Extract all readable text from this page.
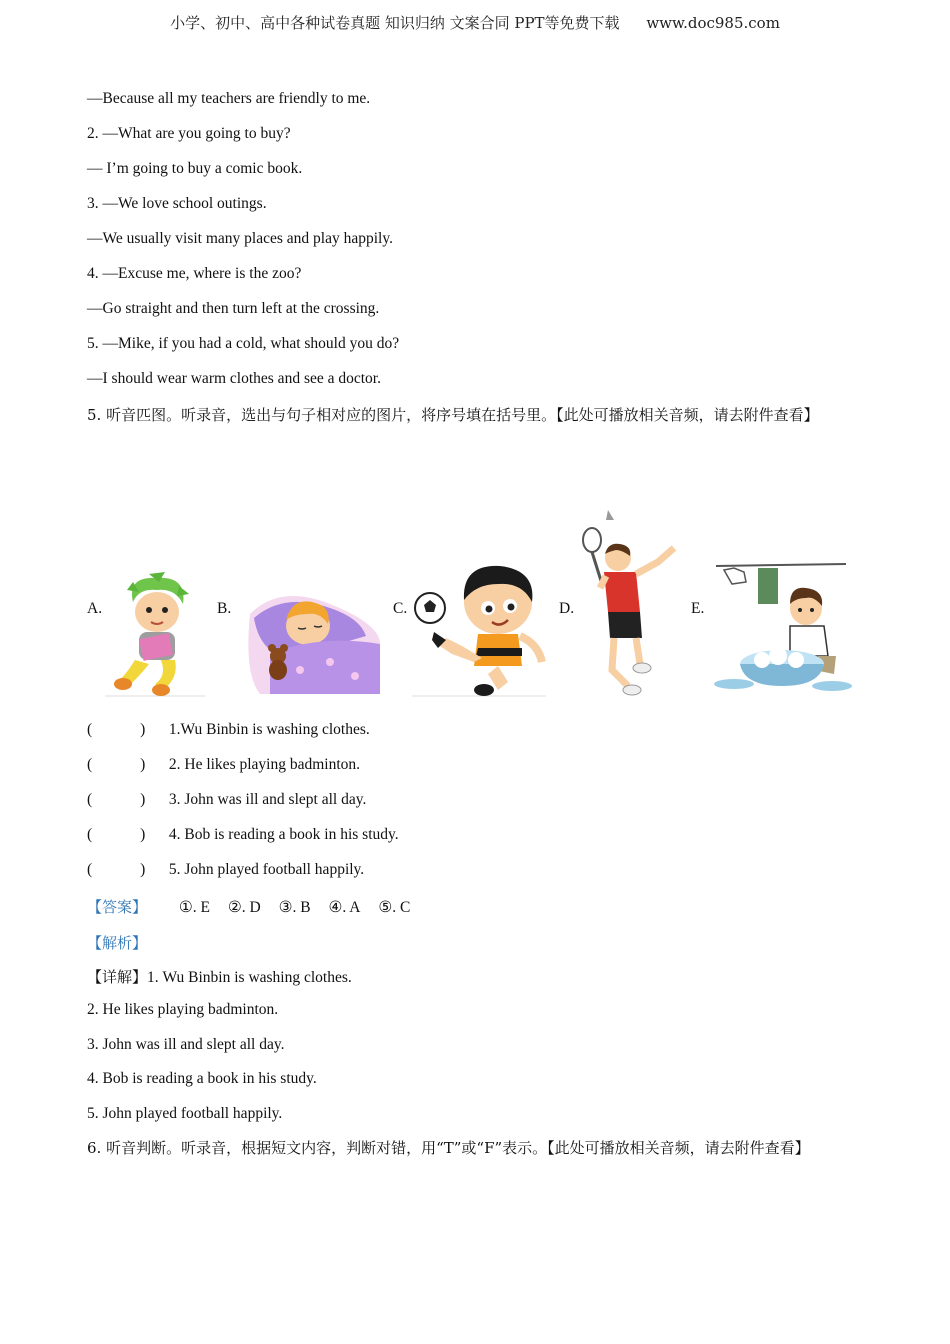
小学、初中、高中各种试卷真题 知识归纳 文案合同 PPT等免费下载 www.doc985.com
—Because all my teachers are friendly to me.
2. —What are you going to buy?
— I’m going to buy a comic book.
3. —We love school outings.
—We usually visit many places and play happily.
4. —Excuse me, where is the zoo?
—Go straight and then turn left at the crossing.
5. —Mike, if you had a cold, what should you do?
—I should wear warm clothes and see a doctor.
5. 听音匹图。听录音，选出与句子相对应的图片，将序号填在括号里。【此处可播放相关音频，请去附件查看】
A.	B.	C.	D.	E.
(	) 1.Wu Binbin is washing clothes.
(	) 2. He likes playing badminton.
(	) 3. John was ill and slept all day.
(	) 4. Bob is reading a book in his study.
(	) 5. John played football happily.
【答案】 ①. E ②. D ③. B ④. A ⑤. C
【解析】
【详解】1. Wu Binbin is washing clothes.
2. He likes playing badminton.
3. John was ill and slept all day.
4. Bob is reading a book in his study.
5. John played football happily.
6. 听音判断。听录音，根据短文内容，判断对错，用“T”或“F”表示。【此处可播放相关音频，请去附件查看】
